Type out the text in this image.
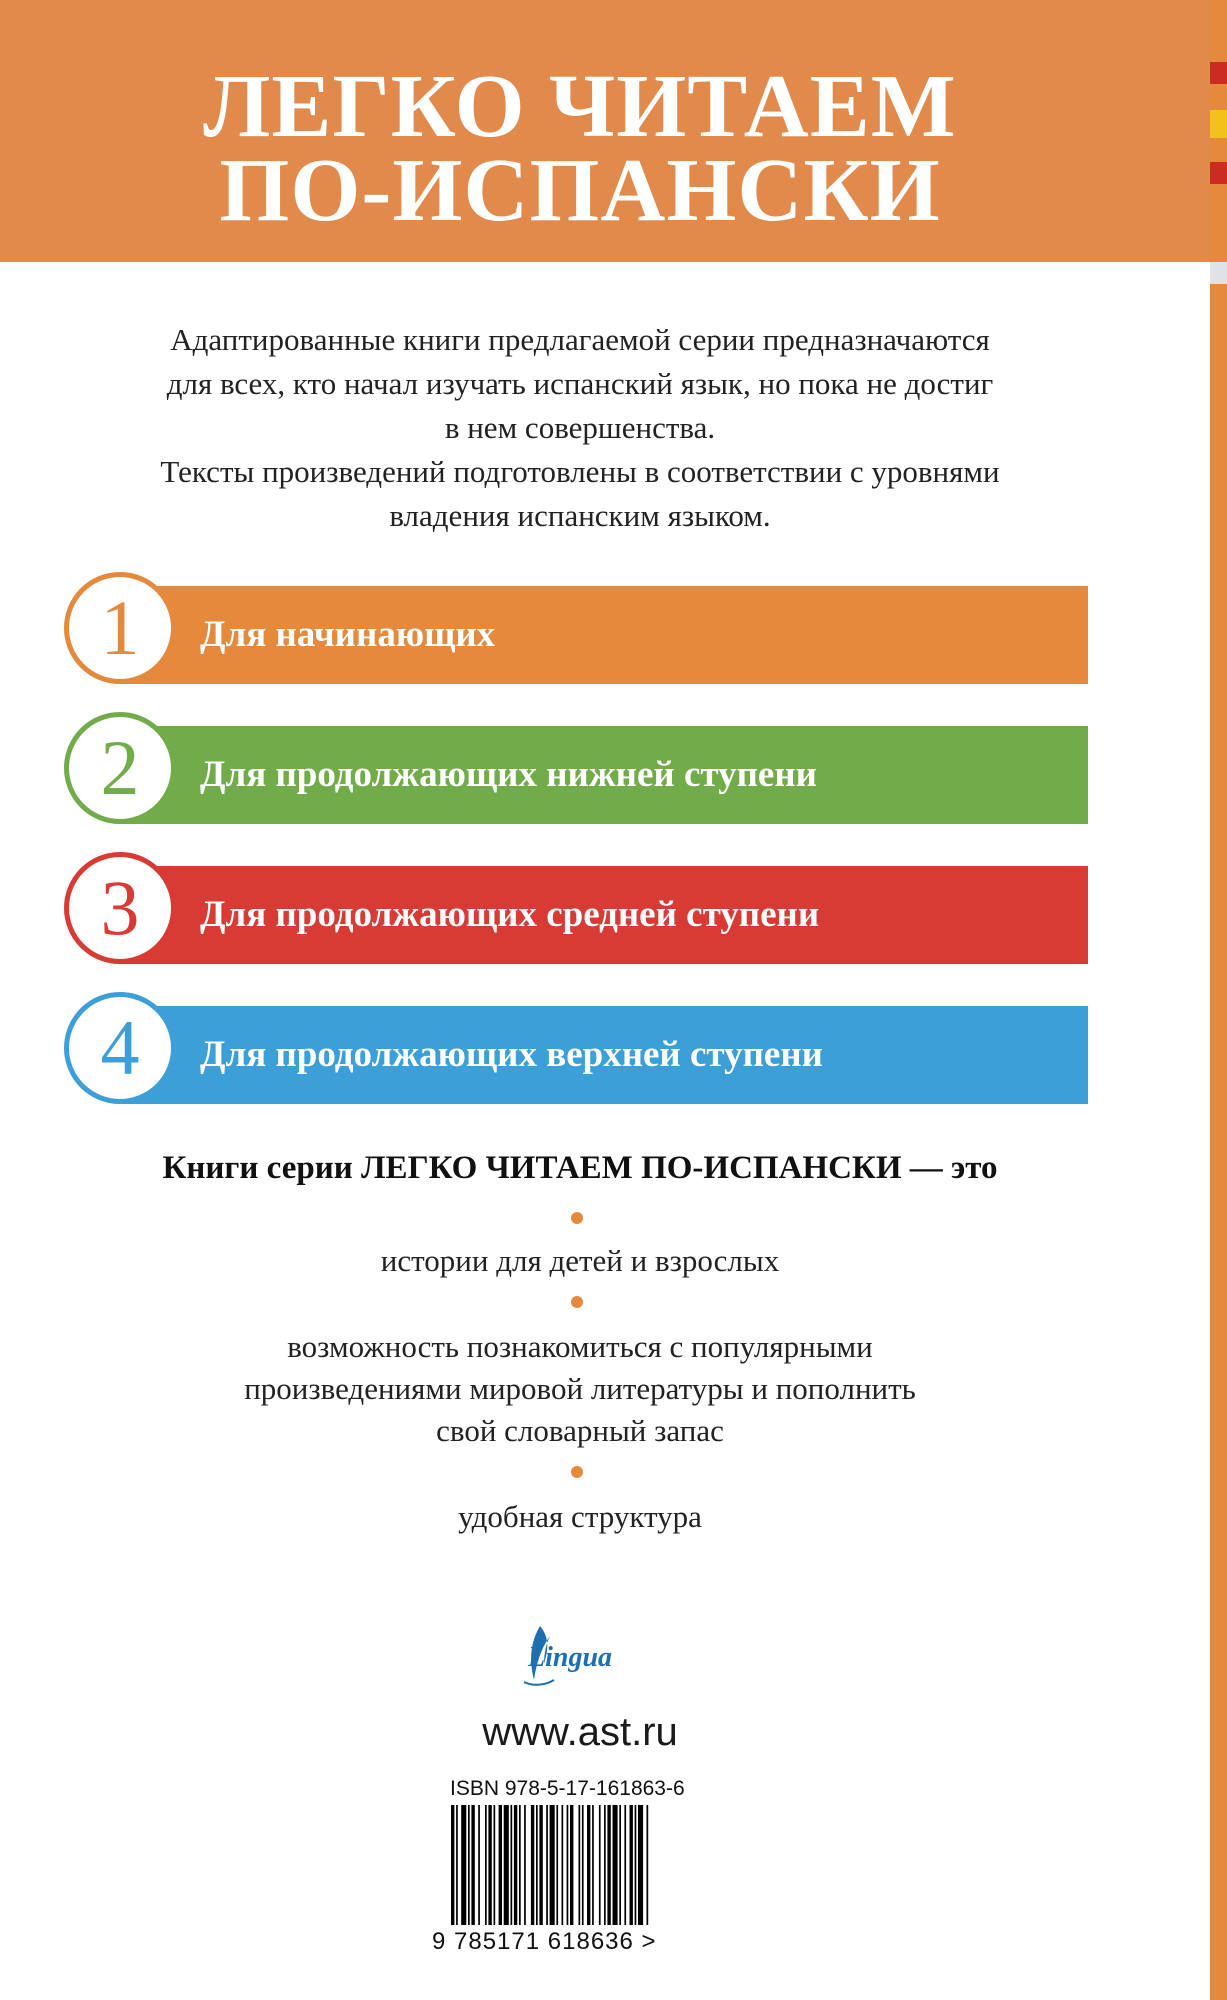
ЛЕГКО ЧИТАЕМ
ПО-ИСПАНСКИ

Адаптированные книги предлагаемой серии предназначаются

для всех, кто начал изучать испанский язык, но пока не достиг

в нем совершенства.

Тексты произведений подготовлены в соответствии с уровнями

владения испанским языком.

1 Для начинающих
2 Для продолжающих нижней ступени
3 Для продолжающих средней ступени
4 Для продолжающих верхней ступени
Книги серии ЛЕГКО ЧИТАЕМ ПО-ИСПАНСКИ — это
истории для детей и взрослых
возможность познакомиться с популярными
произведениями мировой литературы и пополнить
свой словарный запас
удобная структура
Lingua
www.ast.ru
ISBN 978-5-17-161863-6
9 785171 618636 >
